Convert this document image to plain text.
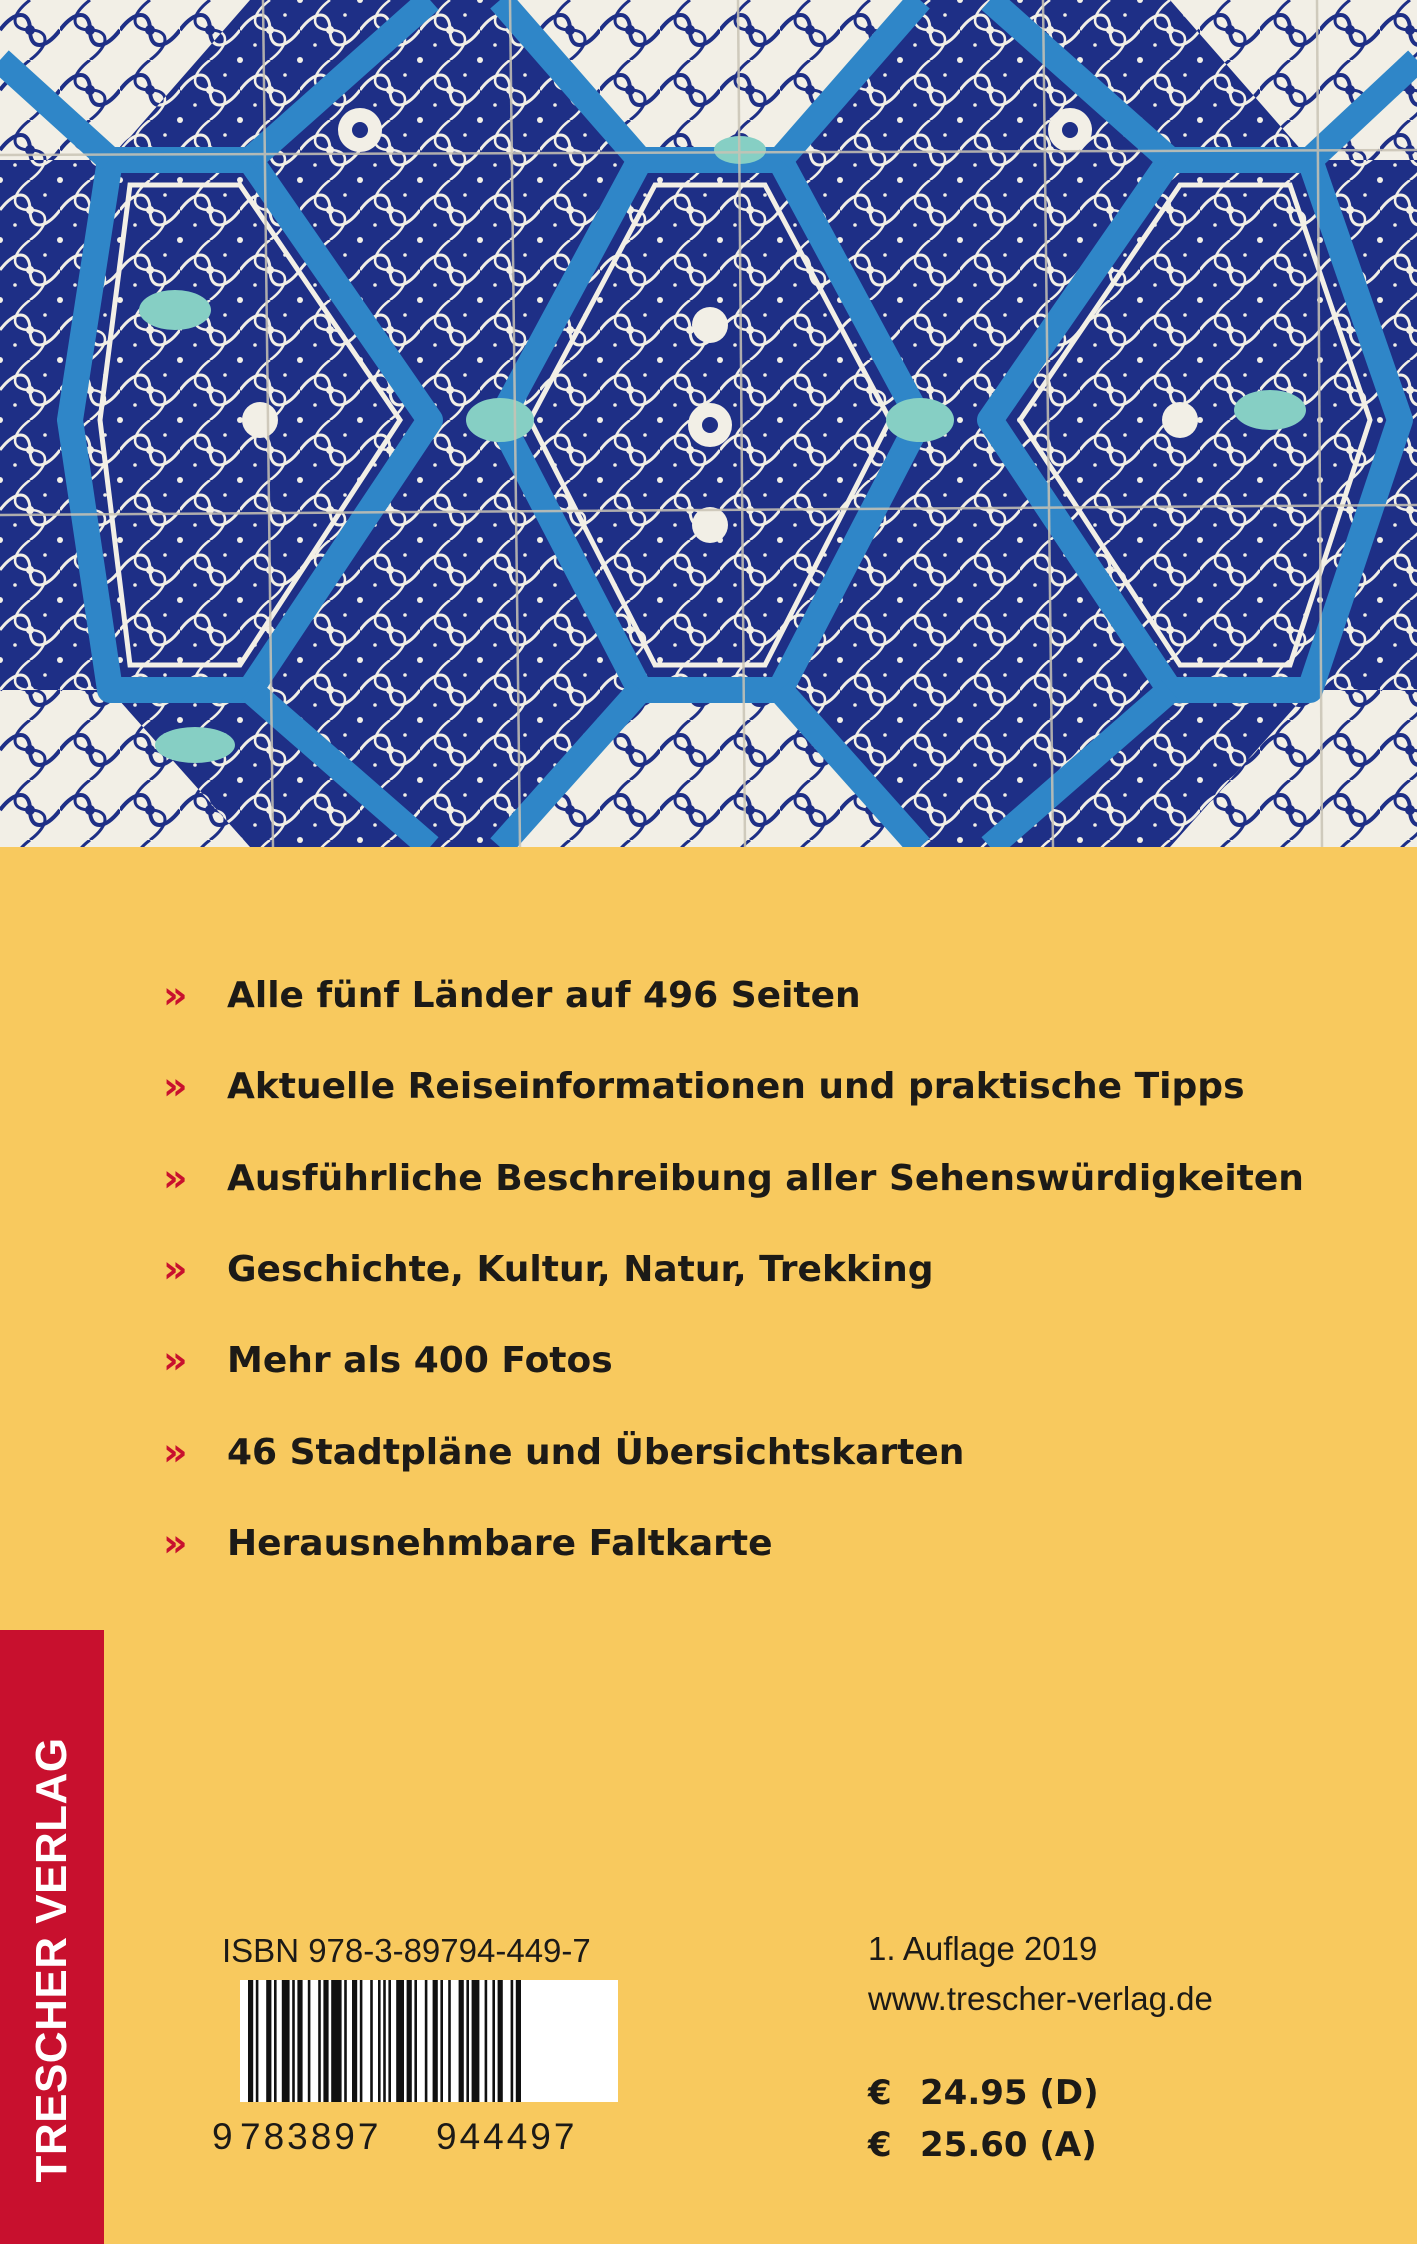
»	Alle fünf Länder auf 496 Seiten
»	Aktuelle Reiseinformationen und praktische Tipps
»	Ausführliche Beschreibung aller Sehenswürdigkeiten
»	Geschichte, Kultur, Natur, Trekking
»	Mehr als 400 Fotos
»	46 Stadtpläne und Übersichtskarten
»	Herausnehmbare Faltkarte
TRESCHER VERLAG	ISBN 978-3-89794-449-7
9 783897 944497
1. Auflage 2019
www.trescher-verlag.de
€ 24.95
(D)
€ 25.60
(A)
